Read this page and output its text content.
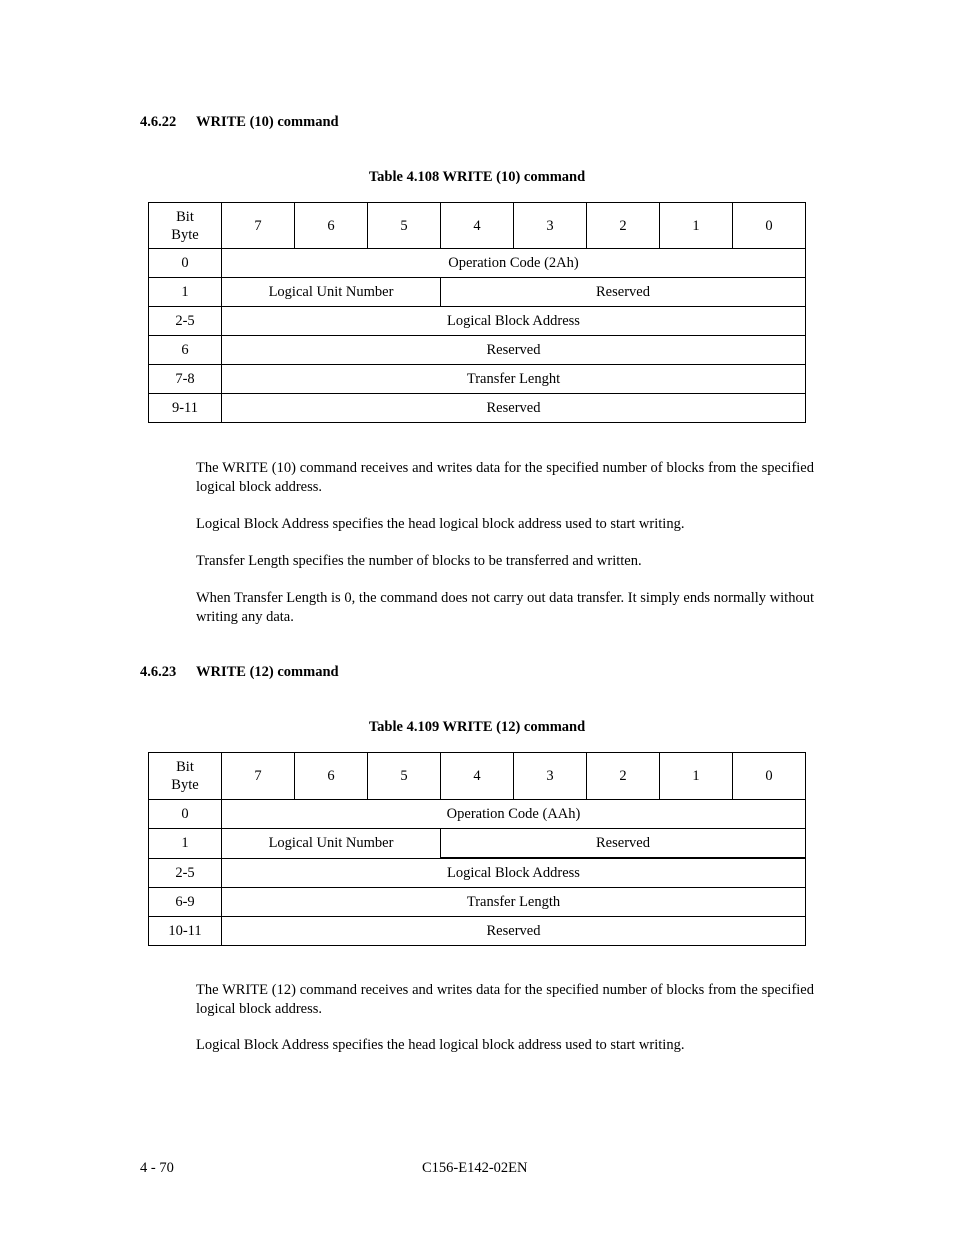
4.6.22 WRITE (10) command
Table 4.108 WRITE (10) command
Bit
Byte	7	6	5	4	3	2	1	0
0	Operation Code (2Ah)							
1	Logical Unit Number			Reserved				
2-5	Logical Block Address							
6	Reserved							
7-8	Transfer Lenght							
9-11	Reserved							

The WRITE (10) command receives and writes data for the specified number of blocks from the specified logical block address.

Logical Block Address specifies the head logical block address used to start writing.

Transfer Length specifies the number of blocks to be transferred and written.

When Transfer Length is 0, the command does not carry out data transfer. It simply ends normally without writing any data.

4.6.23 WRITE (12) command
Table 4.109 WRITE (12) command
Bit
Byte	7	6	5	4	3	2	1	0
0	Operation Code (AAh)							
1	Logical Unit Number			Reserved				
2-5	Logical Block Address							
6-9	Transfer Length							
10-11	Reserved							

The WRITE (12) command receives and writes data for the specified number of blocks from the specified logical block address.

Logical Block Address specifies the head logical block address used to start writing.

4 - 70	C156-E142-02EN
